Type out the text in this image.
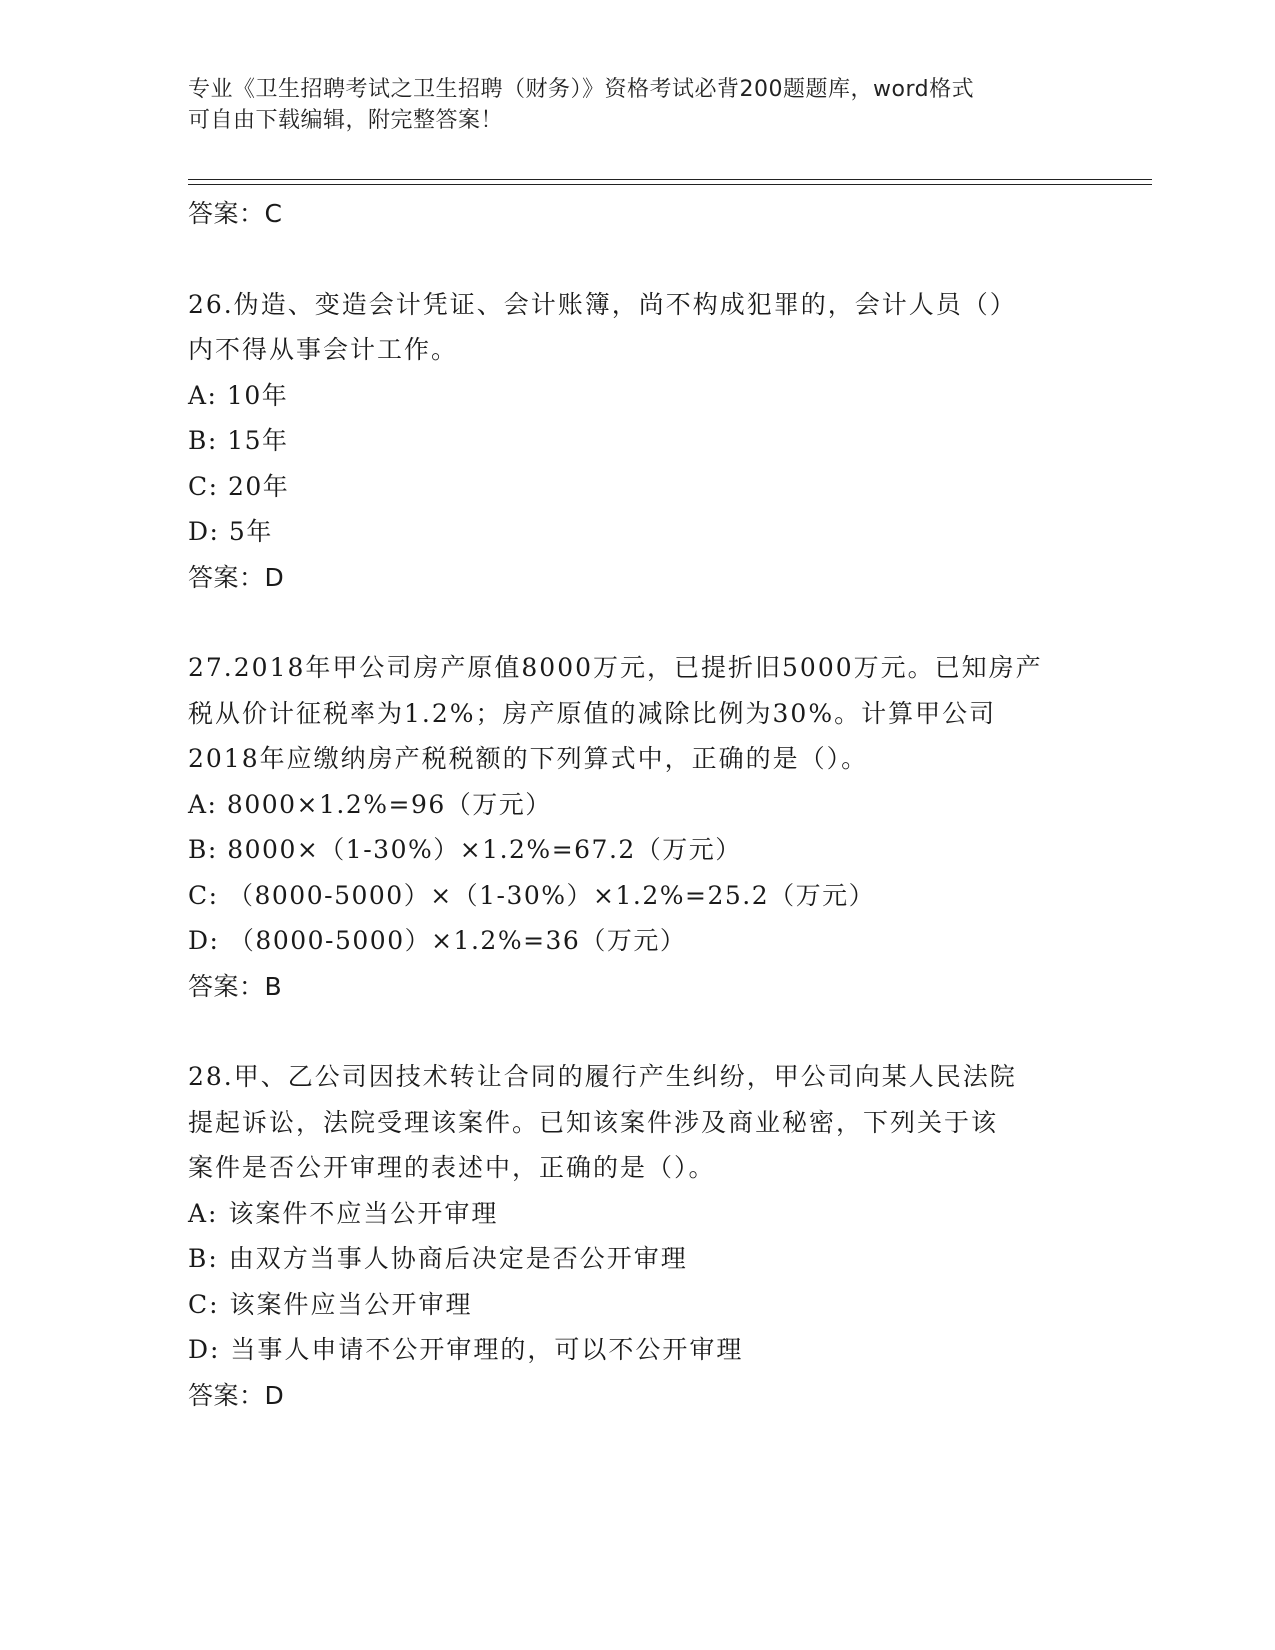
专业《卫生招聘考试之卫生招聘（财务）》资格考试必背200题题库，word格式
可自由下载编辑，附完整答案！
答案：C
26.伪造、变造会计凭证、会计账簿，尚不构成犯罪的，会计人员（）
内不得从事会计工作。
A: 10年
B: 15年
C: 20年
D: 5年
答案：D
27.2018年甲公司房产原值8000万元，已提折旧5000万元。已知房产
税从价计征税率为1.2%；房产原值的减除比例为30%。计算甲公司
2018年应缴纳房产税税额的下列算式中，正确的是（）。
A: 8000×1.2%=96（万元）
B: 8000×（1-30%）×1.2%=67.2（万元）
C: （8000-5000）×（1-30%）×1.2%=25.2（万元）
D: （8000-5000）×1.2%=36（万元）
答案：B
28.甲、乙公司因技术转让合同的履行产生纠纷，甲公司向某人民法院
提起诉讼，法院受理该案件。已知该案件涉及商业秘密，下列关于该
案件是否公开审理的表述中，正确的是（）。
A: 该案件不应当公开审理
B: 由双方当事人协商后决定是否公开审理
C: 该案件应当公开审理
D: 当事人申请不公开审理的，可以不公开审理
答案：D
